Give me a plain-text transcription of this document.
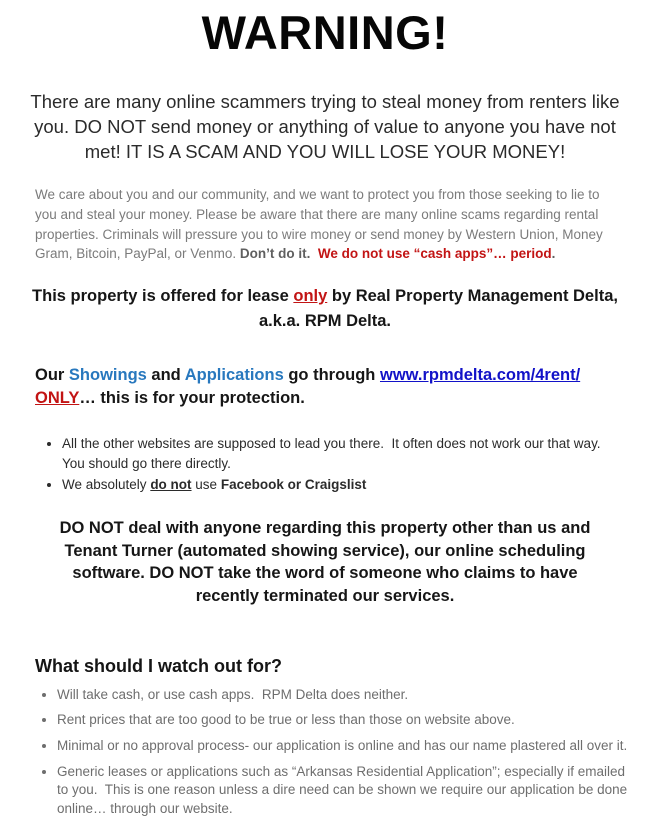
WARNING!

There are many online scammers trying to steal money from renters like you. DO NOT send money or anything of value to anyone you have not met! IT IS A SCAM AND YOU WILL LOSE YOUR MONEY!

We care about you and our community, and we want to protect you from those seeking to lie to you and steal your money. Please be aware that there are many online scams regarding rental properties. Criminals will pressure you to wire money or send money by Western Union, Money Gram, Bitcoin, PayPal, or Venmo. Don’t do it.  We do not use “cash apps”… period.

This property is offered for lease only by Real Property Management Delta, a.k.a. RPM Delta.

Our Showings and Applications go through www.rpmdelta.com/4rent/
ONLY… this is for your protection.

• All the other websites are supposed to lead you there.  It often does not work our that way.  You should go there directly.
• We absolutely do not use Facebook or Craigslist

DO NOT deal with anyone regarding this property other than us and Tenant Turner (automated showing service), our online scheduling software. DO NOT take the word of someone who claims to have recently terminated our services.

What should I watch out for?
• Will take cash, or use cash apps.  RPM Delta does neither.
• Rent prices that are too good to be true or less than those on website above.
• Minimal or no approval process- our application is online and has our name plastered all over it.
• Generic leases or applications such as “Arkansas Residential Application”; especially if emailed to you.  This is one reason unless a dire need can be shown we require our application be done online… through our website.
